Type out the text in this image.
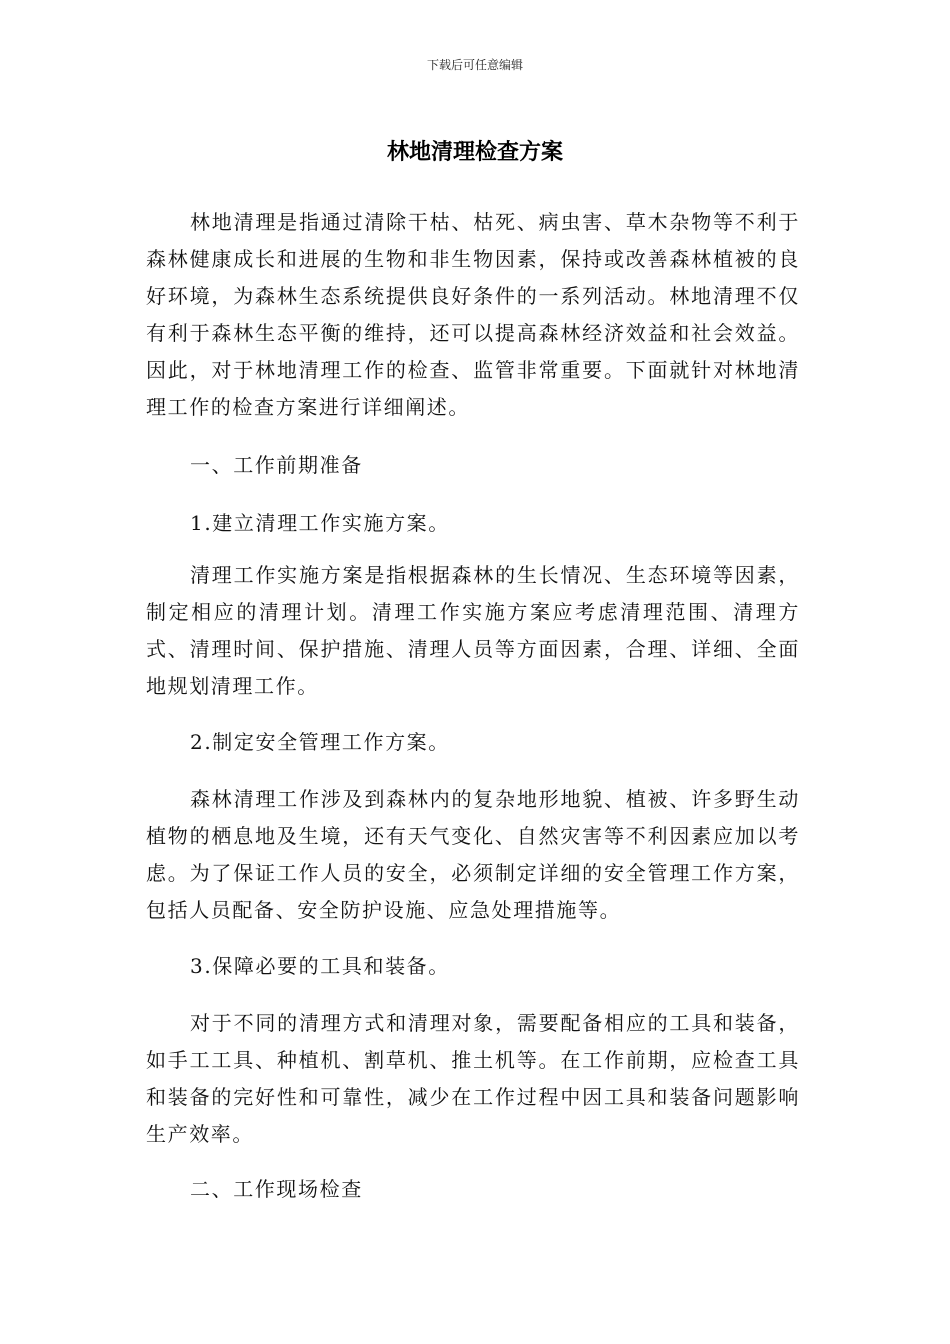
下载后可任意编辑
林地清理检查方案

林地清理是指通过清除干枯、枯死、病虫害、草木杂物等不利于森林健康成长和进展的生物和非生物因素，保持或改善森林植被的良好环境，为森林生态系统提供良好条件的一系列活动。林地清理不仅有利于森林生态平衡的维持，还可以提高森林经济效益和社会效益。因此，对于林地清理工作的检查、监管非常重要。下面就针对林地清理工作的检查方案进行详细阐述。

一、工作前期准备

1.建立清理工作实施方案。

清理工作实施方案是指根据森林的生长情况、生态环境等因素，制定相应的清理计划。清理工作实施方案应考虑清理范围、清理方式、清理时间、保护措施、清理人员等方面因素，合理、详细、全面地规划清理工作。

2.制定安全管理工作方案。

森林清理工作涉及到森林内的复杂地形地貌、植被、许多野生动植物的栖息地及生境，还有天气变化、自然灾害等不利因素应加以考虑。为了保证工作人员的安全，必须制定详细的安全管理工作方案，包括人员配备、安全防护设施、应急处理措施等。

3.保障必要的工具和装备。

对于不同的清理方式和清理对象，需要配备相应的工具和装备，如手工工具、种植机、割草机、推土机等。在工作前期，应检查工具和装备的完好性和可靠性，减少在工作过程中因工具和装备问题影响生产效率。

二、工作现场检查
